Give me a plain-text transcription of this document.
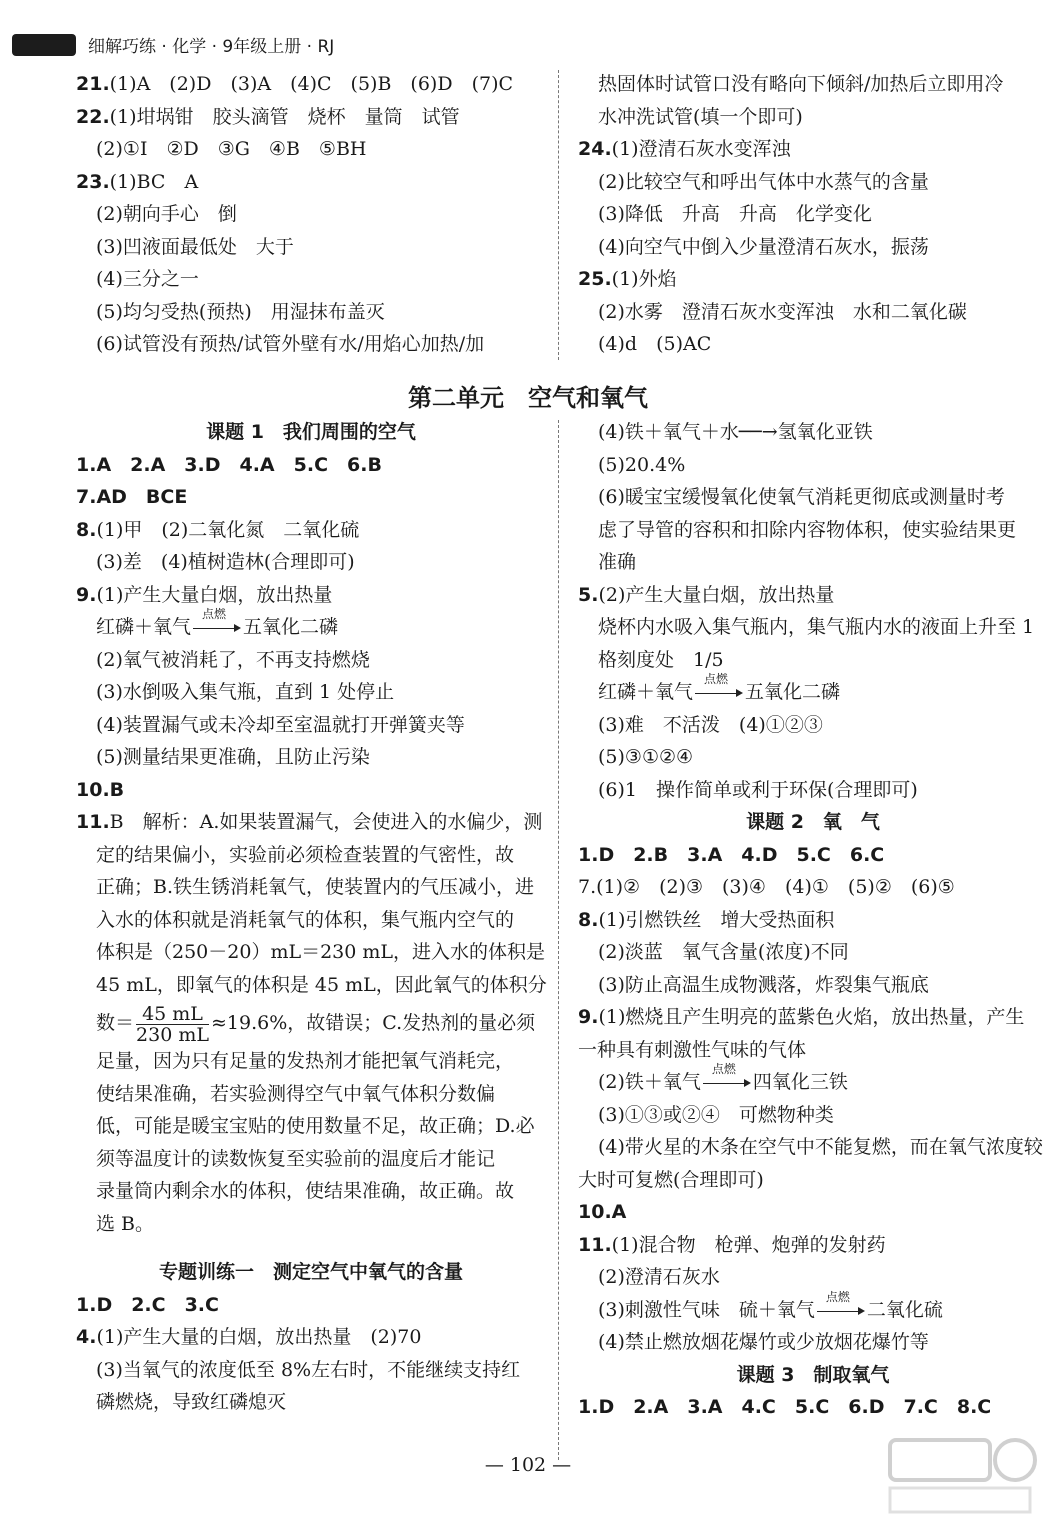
细解巧练 · 化学 · 9年级上册 · RJ
21.(1)A　(2)D　(3)A　(4)C　(5)B　(6)D　(7)C
22.(1)坩埚钳　胶头滴管　烧杯　量筒　试管
(2)①I　②D　③G　④B　⑤BH
23.(1)BC　A
(2)朝向手心　倒
(3)凹液面最低处　大于
(4)三分之一
(5)均匀受热(预热)　用湿抹布盖灭
(6)试管没有预热/试管外壁有水/用焰心加热/加
热固体时试管口没有略向下倾斜/加热后立即用冷
水冲洗试管(填一个即可)
24.(1)澄清石灰水变浑浊
(2)比较空气和呼出气体中水蒸气的含量
(3)降低　升高　升高　化学变化
(4)向空气中倒入少量澄清石灰水，振荡
25.(1)外焰
(2)水雾　澄清石灰水变浑浊　水和二氧化碳
(4)d　(5)AC
第二单元　空气和氧气
课题 1　我们周围的空气
1.A　2.A　3.D　4.A　5.C　6.B
7.AD　BCE
8.(1)甲　(2)二氧化氮　二氧化硫
(3)差　(4)植树造林(合理即可)
9.(1)产生大量白烟，放出热量
红磷＋氧气
点燃
五氧化二磷
(2)氧气被消耗了，不再支持燃烧
(3)水倒吸入集气瓶，直到 1 处停止
(4)装置漏气或未冷却至室温就打开弹簧夹等
(5)测量结果更准确，且防止污染
10.B
11.B　解析：A.如果装置漏气，会使进入的水偏少，测
定的结果偏小，实验前必须检查装置的气密性，故
正确；B.铁生锈消耗氧气，使装置内的气压减小，进
入水的体积就是消耗氧气的体积，集气瓶内空气的
体积是（250－20）mL＝230 mL，进入水的体积是
45 mL，即氧气的体积是 45 mL，因此氧气的体积分
数＝ $\frac{45 mL}{230 mL} \approx 19.6\%$，故错误；C.发热剂的量必须
足量，因为只有足量的发热剂才能把氧气消耗完，
使结果准确，若实验测得空气中氧气体积分数偏
低，可能是暖宝宝贴的使用数量不足，故正确；D.必
须等温度计的读数恢复至实验前的温度后才能记
录量筒内剩余水的体积，使结果准确，故正确。故
选 B。
专题训练一　测定空气中氧气的含量
1.D　2.C　3.C
4.(1)产生大量的白烟，放出热量　(2)70
(3)当氧气的浓度低至 8%左右时，不能继续支持红
磷燃烧，导致红磷熄灭
(4)铁＋氧气＋水──→氢氧化亚铁
(5)20.4%
(6)暖宝宝缓慢氧化使氧气消耗更彻底或测量时考
虑了导管的容积和扣除内容物体积，使实验结果更
准确
5.(2)产生大量白烟，放出热量
烧杯内水吸入集气瓶内，集气瓶内水的液面上升至 1
格刻度处　1/5
红磷＋氧气
点燃
五氧化二磷
(3)难　不活泼　(4)①②③
(5)③①②④
(6)1　操作简单或利于环保(合理即可)
课题 2　氧　气
1.D　2.B　3.A　4.D　5.C　6.C
7.(1)②　(2)③　(3)④　(4)①　(5)②　(6)⑤
8.(1)引燃铁丝　增大受热面积
(2)淡蓝　氧气含量(浓度)不同
(3)防止高温生成物溅落，炸裂集气瓶底
9.(1)燃烧且产生明亮的蓝紫色火焰，放出热量，产生
一种具有刺激性气味的气体
(2)铁＋氧气
点燃
四氧化三铁
(3)①③或②④　可燃物种类
(4)带火星的木条在空气中不能复燃，而在氧气浓度较
大时可复燃(合理即可)
10.A
11.(1)混合物　枪弹、炮弹的发射药
(2)澄清石灰水
(3)刺激性气味　硫＋氧气
点燃
二氧化硫
(4)禁止燃放烟花爆竹或少放烟花爆竹等
课题 3　制取氧气
1.D　2.A　3.A　4.C　5.C　6.D　7.C　8.C
— 102 —
